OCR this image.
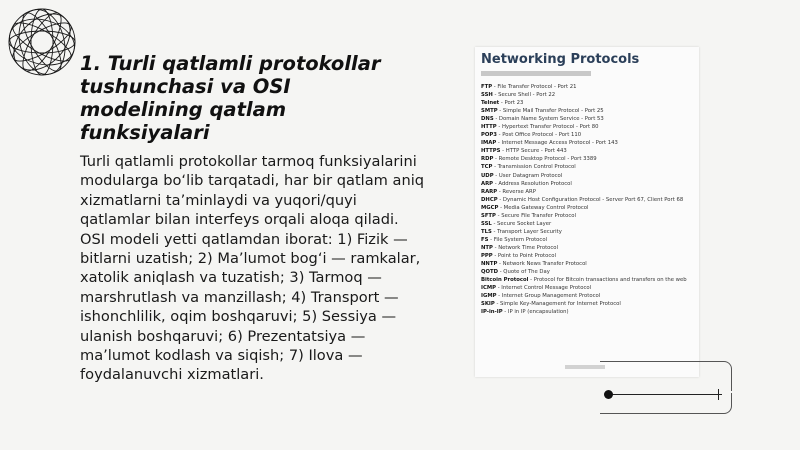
1. Turli qatlamli protokollar tushunchasi va OSI modelining qatlam funksiyalari

Turli qatlamli protokollar tarmoq funksiyalarini modularga bo‘lib tarqatadi, har bir qatlam aniq xizmatlarni ta’minlaydi va yuqori/quyi qatlamlar bilan interfeys orqali aloqa qiladi. OSI modeli yetti qatlamdan iborat: 1) Fizik — bitlarni uzatish; 2) Ma’lumot bog‘i — ramkalar, xatolik aniqlash va tuzatish; 3) Tarmoq — marshrutlash va manzillash; 4) Transport — ishonchlilik, oqim boshqaruvi; 5) Sessiya — ulanish boshqaruvi; 6) Prezentatsiya — ma’lumot kodlash va siqish; 7) Ilova — foydalanuvchi xizmatlari.

Networking Protocols
FTP - File Transfer Protocol - Port 21
SSH - Secure Shell - Port 22
Telnet - Port 23
SMTP - Simple Mail Transfer Protocol - Port 25
DNS - Domain Name System Service - Port 53
HTTP - Hypertext Transfer Protocol - Port 80
POP3 - Post Office Protocol - Port 110
IMAP - Internet Message Access Protocol - Port 143
HTTPS - HTTP Secure - Port 443
RDP - Remote Desktop Protocol - Port 3389
TCP - Transmission Control Protocol
UDP - User Datagram Protocol
ARP - Address Resolution Protocol
RARP - Reverse ARP
DHCP - Dynamic Host Configuration Protocol - Server Port 67, Client Port 68
MGCP - Media Gateway Control Protocol
SFTP - Secure File Transfer Protocol
SSL - Secure Socket Layer
TLS - Transport Layer Security
FS - File System Protocol
NTP - Network Time Protocol
PPP - Point to Point Protocol
NNTP - Network News Transfer Protocol
QOTD - Quote of The Day
Bitcoin Protocol - Protocol for Bitcoin transactions and transfers on the web
ICMP - Internet Control Message Protocol
IGMP - Internet Group Management Protocol
SKIP - Simple Key-Management for Internet Protocol
IP-in-IP - IP in IP (encapsulation)
